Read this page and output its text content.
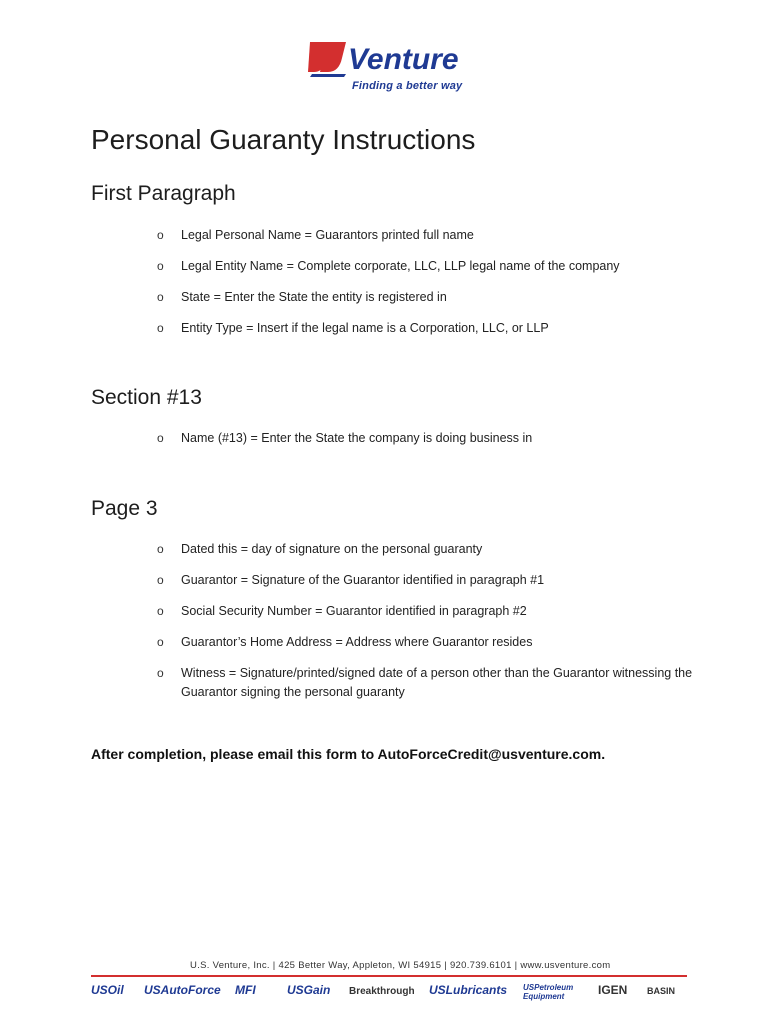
Venture
Finding a better way
Personal Guaranty Instructions
First Paragraph
o Legal Personal Name = Guarantors printed full name
o Legal Entity Name = Complete corporate, LLC, LLP legal name of the company
o State = Enter the State the entity is registered in
o Entity Type = Insert if the legal name is a Corporation, LLC, or LLP
Section #13
o Name (#13) = Enter the State the company is doing business in
Page 3
o Dated this = day of signature on the personal guaranty
o Guarantor = Signature of the Guarantor identified in paragraph #1
o Social Security Number = Guarantor identified in paragraph #2
o Guarantor’s Home Address = Address where Guarantor resides
o Witness = Signature/printed/signed date of a person other than the Guarantor witnessing the Guarantor signing the personal guaranty
After completion, please email this form to AutoForceCredit@usventure.com.
U.S. Venture, Inc. | 425 Better Way, Appleton, WI 54915 | 920.739.6101 | www.usventure.com
USOil USAutoForce MFI	USGain Breakthrough USLubricants USPetroleum Equipment	IGEN BASIN
